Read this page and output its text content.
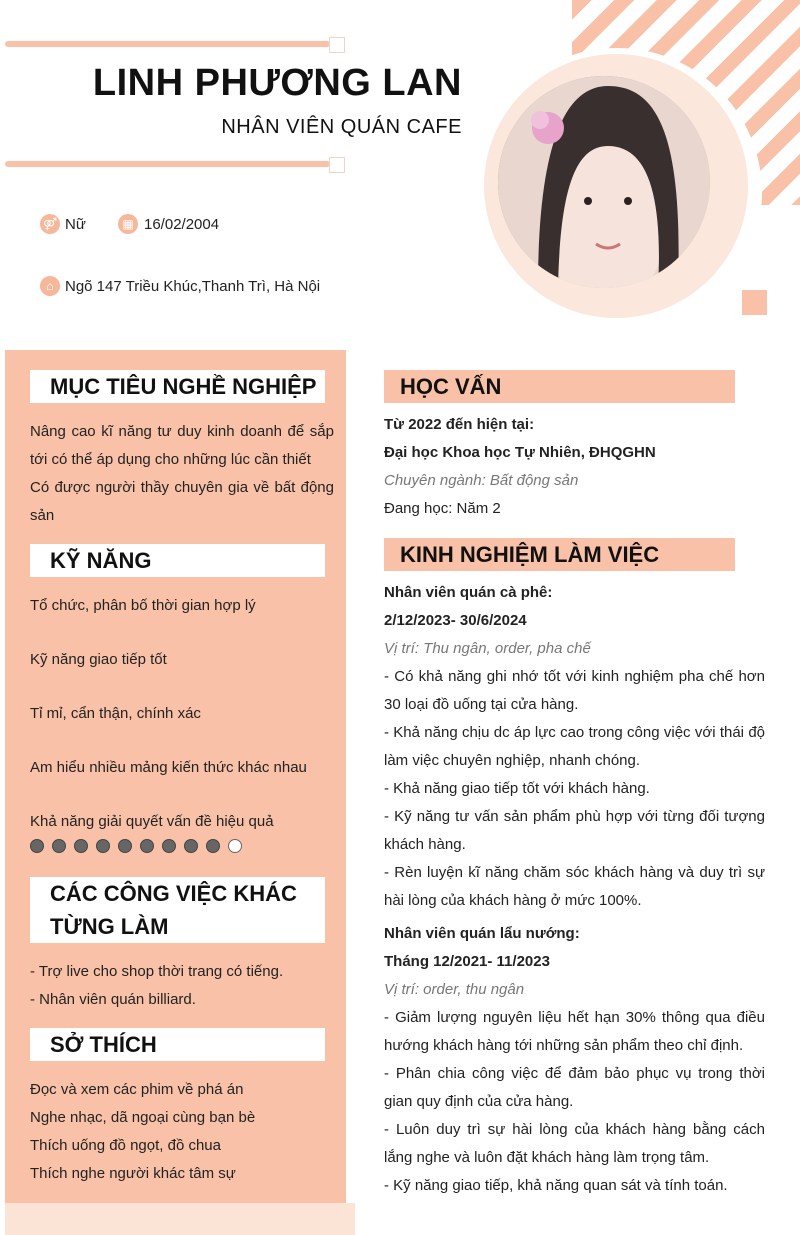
LINH PHƯƠNG LAN
NHÂN VIÊN QUÁN CAFE
⚤ Nữ	▦ 16/02/2004
⌂ Ngõ 147 Triều Khúc,Thanh Trì, Hà Nội
MỤC TIÊU NGHỀ NGHIỆP
Nâng cao kĩ năng tư duy kinh doanh để sắp tới có thể áp dụng cho những lúc cần thiết
Có được người thầy chuyên gia về bất động sản
KỸ NĂNG
Tổ chức, phân bố thời gian hợp lý
Kỹ năng giao tiếp tốt
Tỉ mỉ, cẩn thận, chính xác
Am hiểu nhiều mảng kiến thức khác nhau
Khả năng giải quyết vấn đề hiệu quả
CÁC CÔNG VIỆC KHÁC
TỪNG LÀM
- Trợ live cho shop thời trang có tiếng.
- Nhân viên quán billiard.
SỞ THÍCH
Đọc và xem các phim về phá án
Nghe nhạc, dã ngoại cùng bạn bè
Thích uống đồ ngọt, đồ chua
Thích nghe người khác tâm sự
HỌC VẤN
Từ 2022 đến hiện tại:
Đại học Khoa học Tự Nhiên, ĐHQGHN
Chuyên ngành: Bất động sản
Đang học: Năm 2
KINH NGHIỆM LÀM VIỆC
Nhân viên quán cà phê:
2/12/2023- 30/6/2024
Vị trí: Thu ngân, order, pha chế
- Có khả năng ghi nhớ tốt với kinh nghiệm pha chế hơn 30 loại đồ uống tại cửa hàng.
- Khả năng chịu dc áp lực cao trong công việc với thái độ làm việc chuyên nghiệp, nhanh chóng.
- Khả năng giao tiếp tốt với khách hàng.
- Kỹ năng tư vấn sản phẩm phù hợp với từng đối tượng khách hàng.
- Rèn luyện kĩ năng chăm sóc khách hàng và duy trì sự hài lòng của khách hàng ở mức 100%.
Nhân viên quán lẩu nướng:
Tháng 12/2021- 11/2023
Vị trí: order, thu ngân
- Giảm lượng nguyên liệu hết hạn 30% thông qua điều hướng khách hàng tới những sản phẩm theo chỉ định.
- Phân chia công việc để đảm bảo phục vụ trong thời gian quy định của cửa hàng.
- Luôn duy trì sự hài lòng của khách hàng bằng cách lắng nghe và luôn đặt khách hàng làm trọng tâm.
- Kỹ năng giao tiếp, khả năng quan sát và tính toán.
